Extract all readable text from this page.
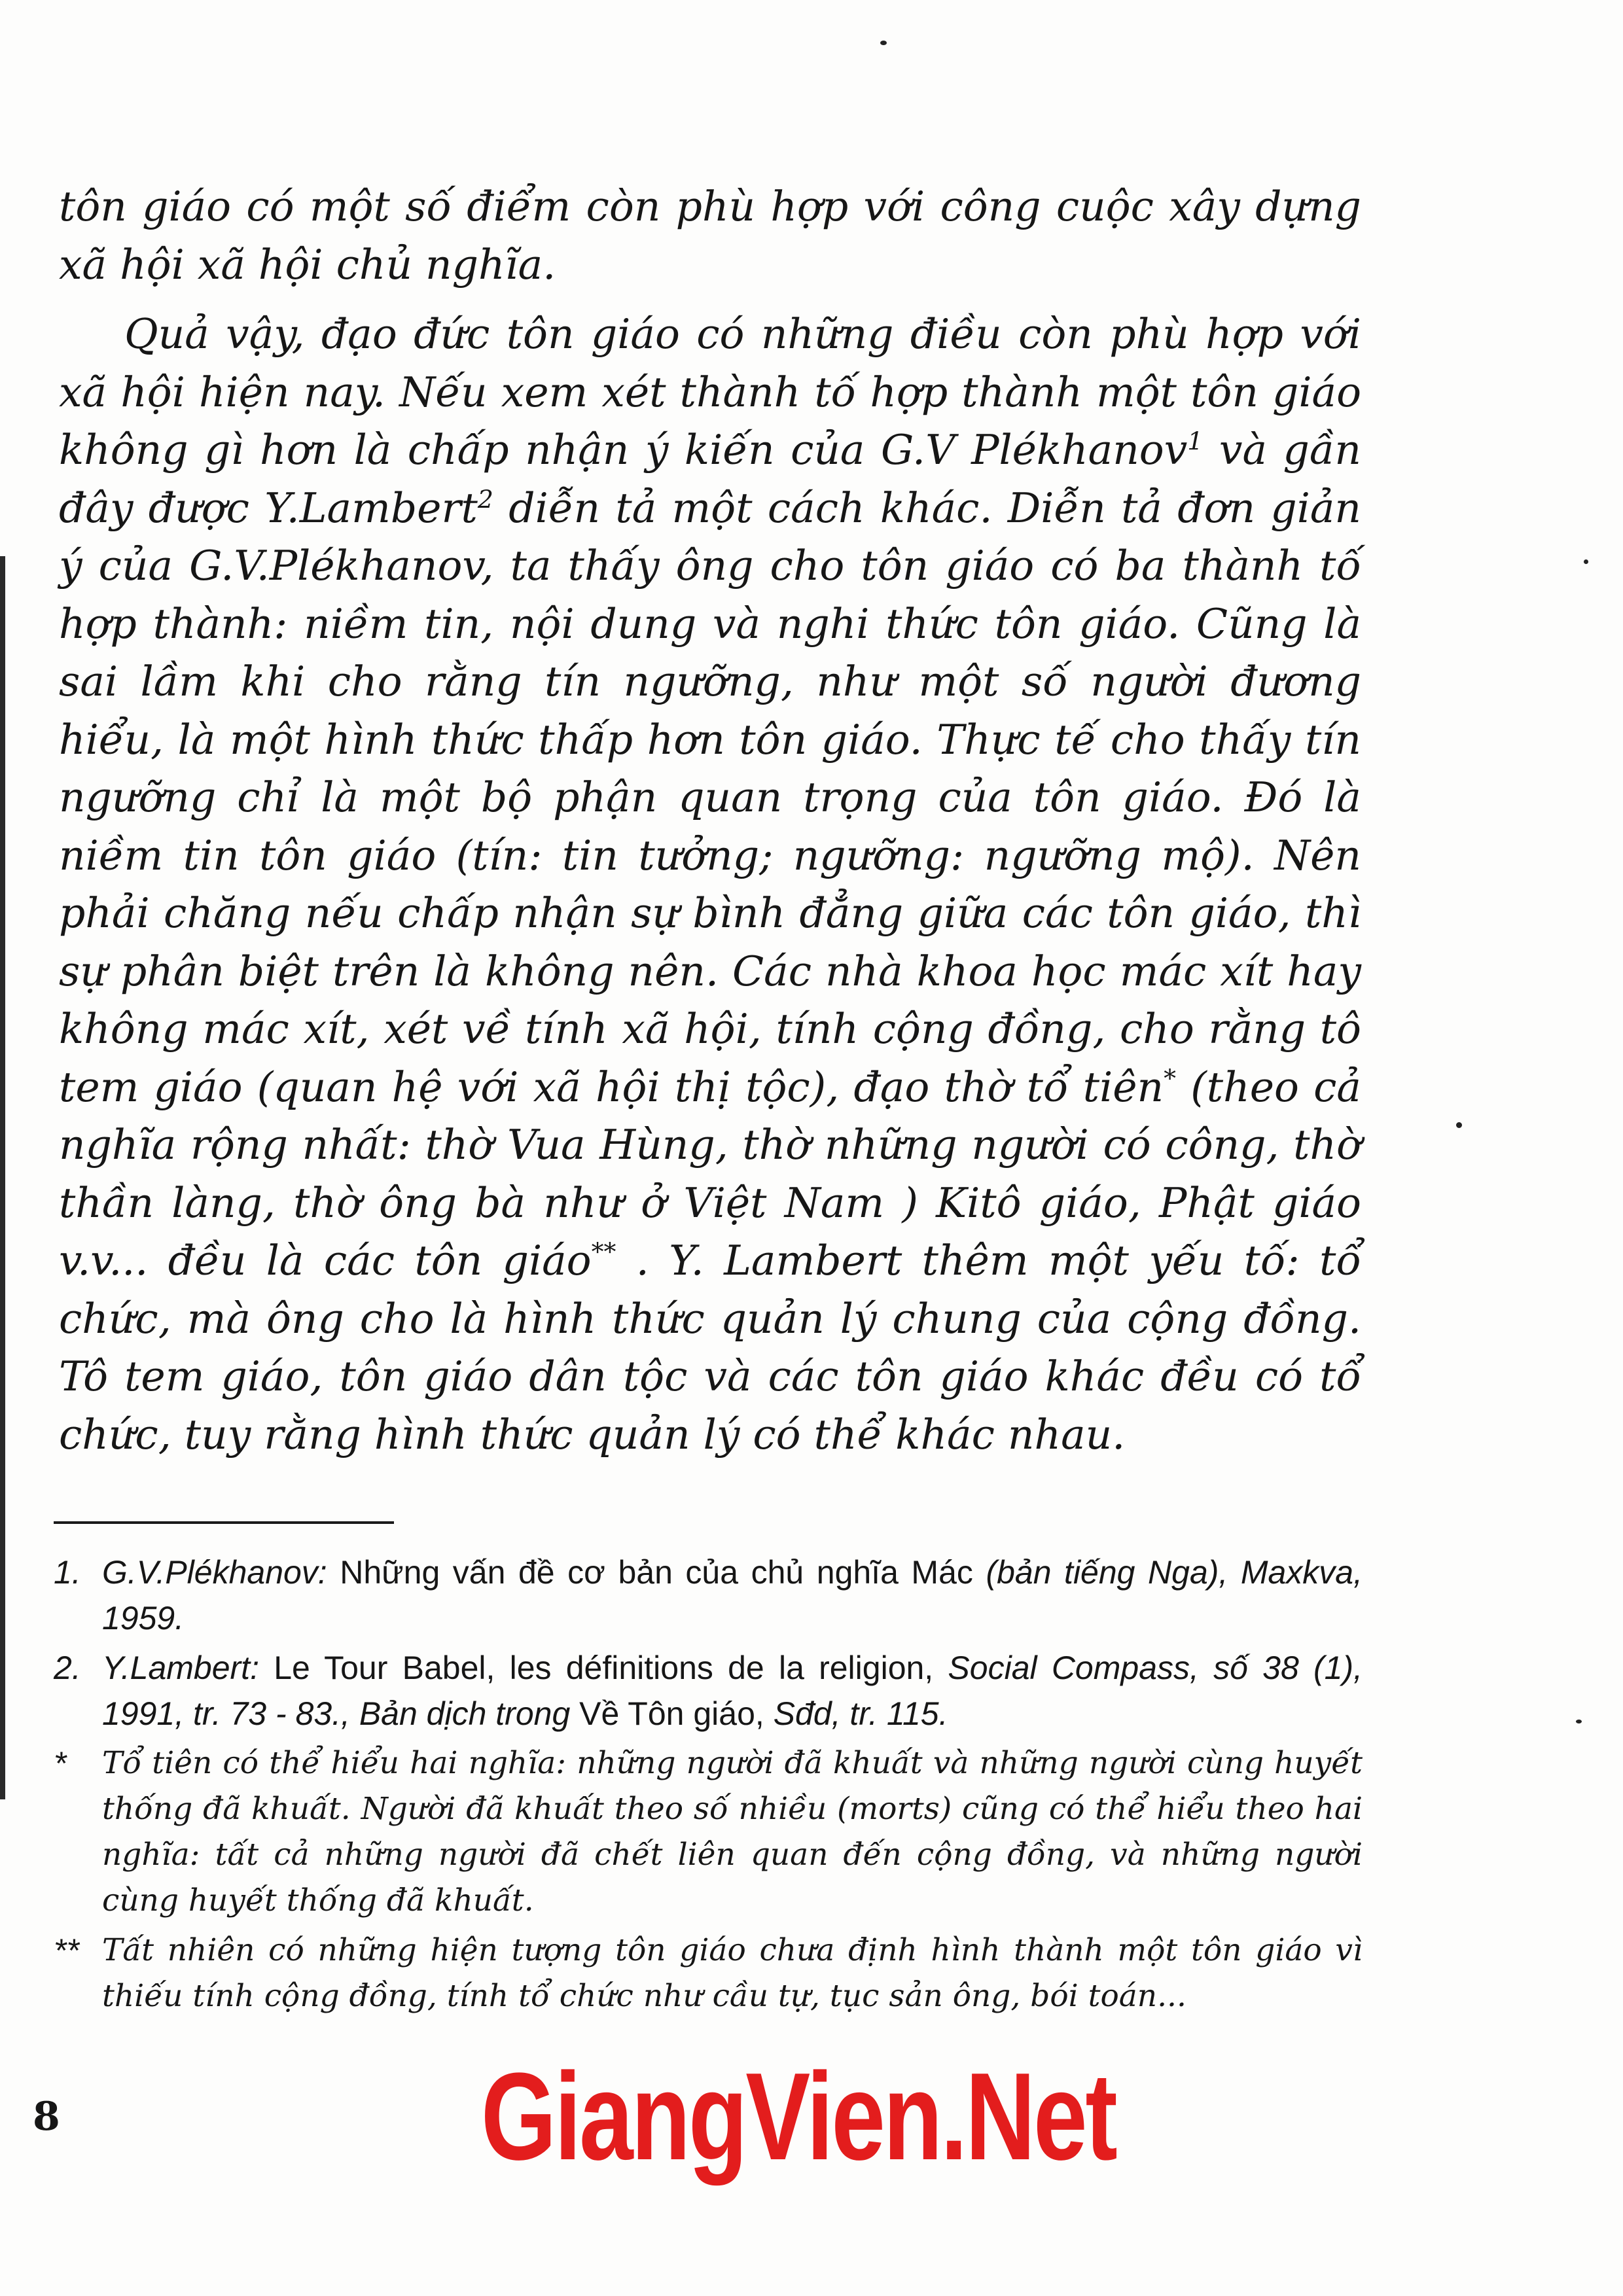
tôn giáo có một số điểm còn phù hợp với công cuộc xây dựng xã hội xã hội chủ nghĩa.

Quả vậy, đạo đức tôn giáo có những điều còn phù hợp với xã hội hiện nay. Nếu xem xét thành tố hợp thành một tôn giáo không gì hơn là chấp nhận ý kiến của G.V Plékhanov$^1$ và gần đây được Y.Lambert$^2$ diễn tả một cách khác. Diễn tả đơn giản ý của G.V.Plékhanov, ta thấy ông cho tôn giáo có ba thành tố hợp thành: niềm tin, nội dung và nghi thức tôn giáo. Cũng là sai lầm khi cho rằng tín ngưỡng, như một số người đương hiểu, là một hình thức thấp hơn tôn giáo. Thực tế cho thấy tín ngưỡng chỉ là một bộ phận quan trọng của tôn giáo. Đó là niềm tin tôn giáo (tín: tin tưởng; ngưỡng: ngưỡng mộ). Nên phải chăng nếu chấp nhận sự bình đẳng giữa các tôn giáo, thì sự phân biệt trên là không nên. Các nhà khoa học mác xít hay không mác xít, xét về tính xã hội, tính cộng đồng, cho rằng tô tem giáo (quan hệ với xã hội thị tộc), đạo thờ tổ tiên* (theo cả nghĩa rộng nhất: thờ Vua Hùng, thờ những người có công, thờ thần làng, thờ ông bà như ở Việt Nam ) Kitô giáo, Phật giáo v.v... đều là các tôn giáo** . Y. Lambert thêm một yếu tố: tổ chức, mà ông cho là hình thức quản lý chung của cộng đồng. Tô tem giáo, tôn giáo dân tộc và các tôn giáo khác đều có tổ chức, tuy rằng hình thức quản lý có thể khác nhau.

1. G.V.Plékhanov: Những vấn đề cơ bản của chủ nghĩa Mác (bản tiếng Nga), Maxkva, 1959.
2. Y.Lambert: Le Tour Babel, les définitions de la religion, Social Compass, số 38 (1), 1991, tr. 73 - 83., Bản dịch trong Về Tôn giáo, Sđd, tr. 115.
*	Tổ tiên có thể hiểu hai nghĩa: những người đã khuất và những người cùng huyết thống đã khuất. Người đã khuất theo số nhiều (morts) cũng có thể hiểu theo hai nghĩa: tất cả những người đã chết liên quan đến cộng đồng, và những người cùng huyết thống đã khuất.
** Tất nhiên có những hiện tượng tôn giáo chưa định hình thành một tôn giáo vì thiếu tính cộng đồng, tính tổ chức như cầu tự, tục sản ông, bói toán...
8	GiangVien.Net
